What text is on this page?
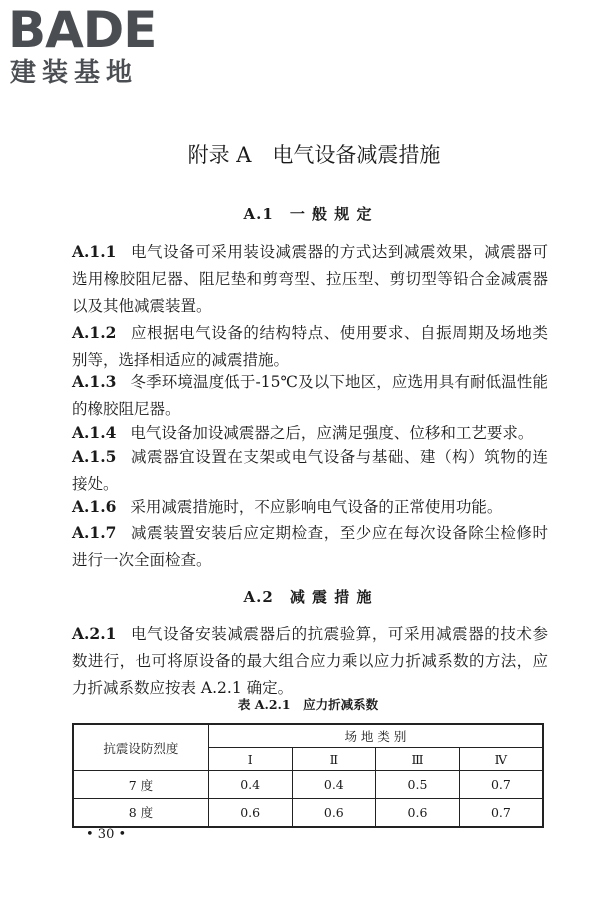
BADE
建装基地
附录 A　电气设备减震措施
A.1　一 般 规 定
A.1.1 电气设备可采用装设减震器的方式达到减震效果，减震器可选用橡胶阻尼器、阻尼垫和剪弯型、拉压型、剪切型等铅合金减震器以及其他减震装置。
A.1.2 应根据电气设备的结构特点、使用要求、自振周期及场地类别等，选择相适应的减震措施。
A.1.3 冬季环境温度低于-15℃及以下地区，应选用具有耐低温性能的橡胶阻尼器。
A.1.4 电气设备加设减震器之后，应满足强度、位移和工艺要求。
A.1.5 减震器宜设置在支架或电气设备与基础、建（构）筑物的连接处。
A.1.6 采用减震措施时，不应影响电气设备的正常使用功能。
A.1.7 减震装置安装后应定期检查，至少应在每次设备除尘检修时进行一次全面检查。
A.2　减 震 措 施
A.2.1 电气设备安装减震器后的抗震验算，可采用减震器的技术参数进行，也可将原设备的最大组合应力乘以应力折减系数的方法，应力折减系数应按表 A.2.1 确定。
表 A.2.1　应力折减系数
抗震设防烈度	场 地 类 别			
	Ⅰ	Ⅱ	Ⅲ	Ⅳ
7 度	0.4	0.4	0.5	0.7
8 度	0.6	0.6	0.6	0.7
• 30 •
